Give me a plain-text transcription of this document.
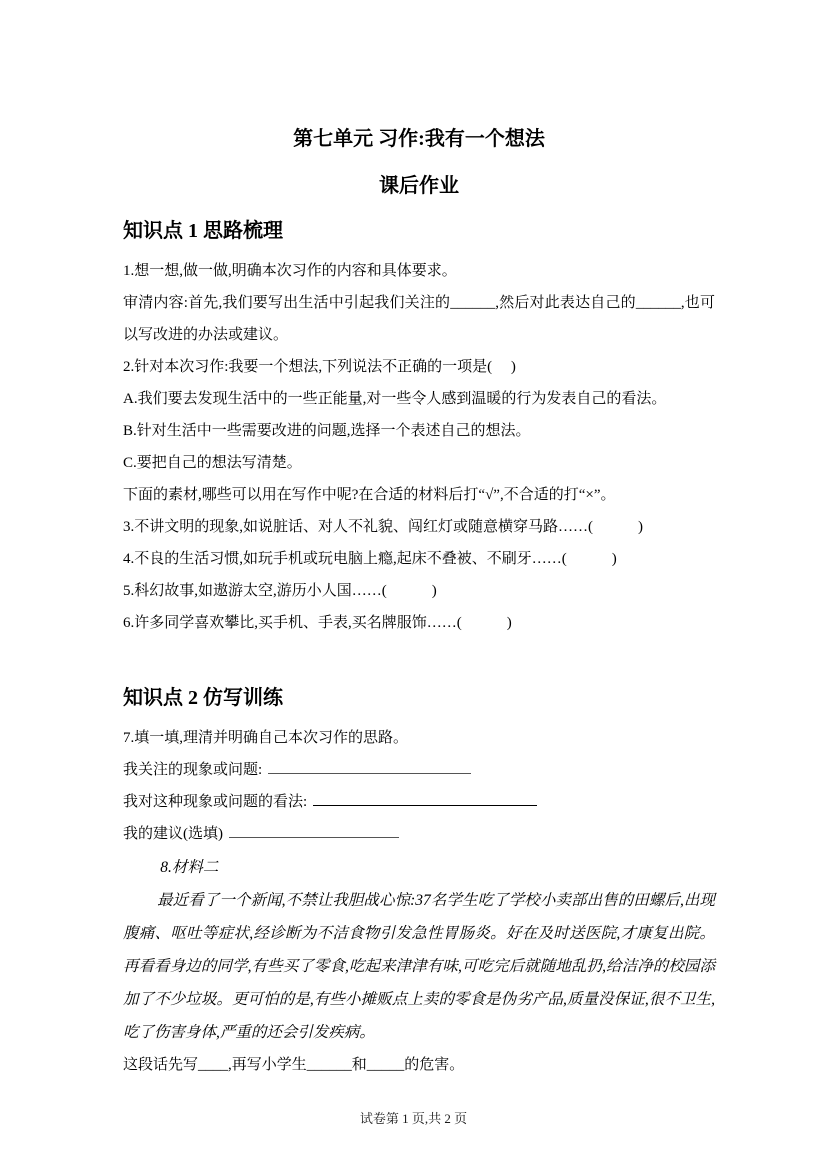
第七单元 习作:我有一个想法
课后作业
知识点 1 思路梳理

1.想一想,做一做,明确本次习作的内容和具体要求。

审清内容:首先,我们要写出生活中引起我们关注的______,然后对此表达自己的______,也可以写改进的办法或建议。

2.针对本次习作:我要一个想法,下列说法不正确的一项是(　 )

A.我们要去发现生活中的一些正能量,对一些令人感到温暖的行为发表自己的看法。

B.针对生活中一些需要改进的问题,选择一个表述自己的想法。

C.要把自己的想法写清楚。

下面的素材,哪些可以用在写作中呢?在合适的材料后打“√”,不合适的打“×”。

3.不讲文明的现象,如说脏话、对人不礼貌、闯红灯或随意横穿马路……(　　　)

4.不良的生活习惯,如玩手机或玩电脑上瘾,起床不叠被、不刷牙……(　　　)

5.科幻故事,如遨游太空,游历小人国……(　　　)

6.许多同学喜欢攀比,买手机、手表,买名牌服饰……(　　　)

知识点 2 仿写训练

7.填一填,理清并明确自己本次习作的思路。

我关注的现象或问题:

我对这种现象或问题的看法:

我的建议(选填)

8.材料二

最近看了一个新闻,不禁让我胆战心惊:37名学生吃了学校小卖部出售的田螺后,出现腹痛、呕吐等症状,经诊断为不洁食物引发急性胃肠炎。好在及时送医院,才康复出院。再看看身边的同学,有些买了零食,吃起来津津有味,可吃完后就随地乱扔,给洁净的校园添加了不少垃圾。更可怕的是,有些小摊贩点上卖的零食是伪劣产品,质量没保证,很不卫生,吃了伤害身体,严重的还会引发疾病。

这段话先写____,再写小学生______和_____的危害。

试卷第 1 页,共 2 页
